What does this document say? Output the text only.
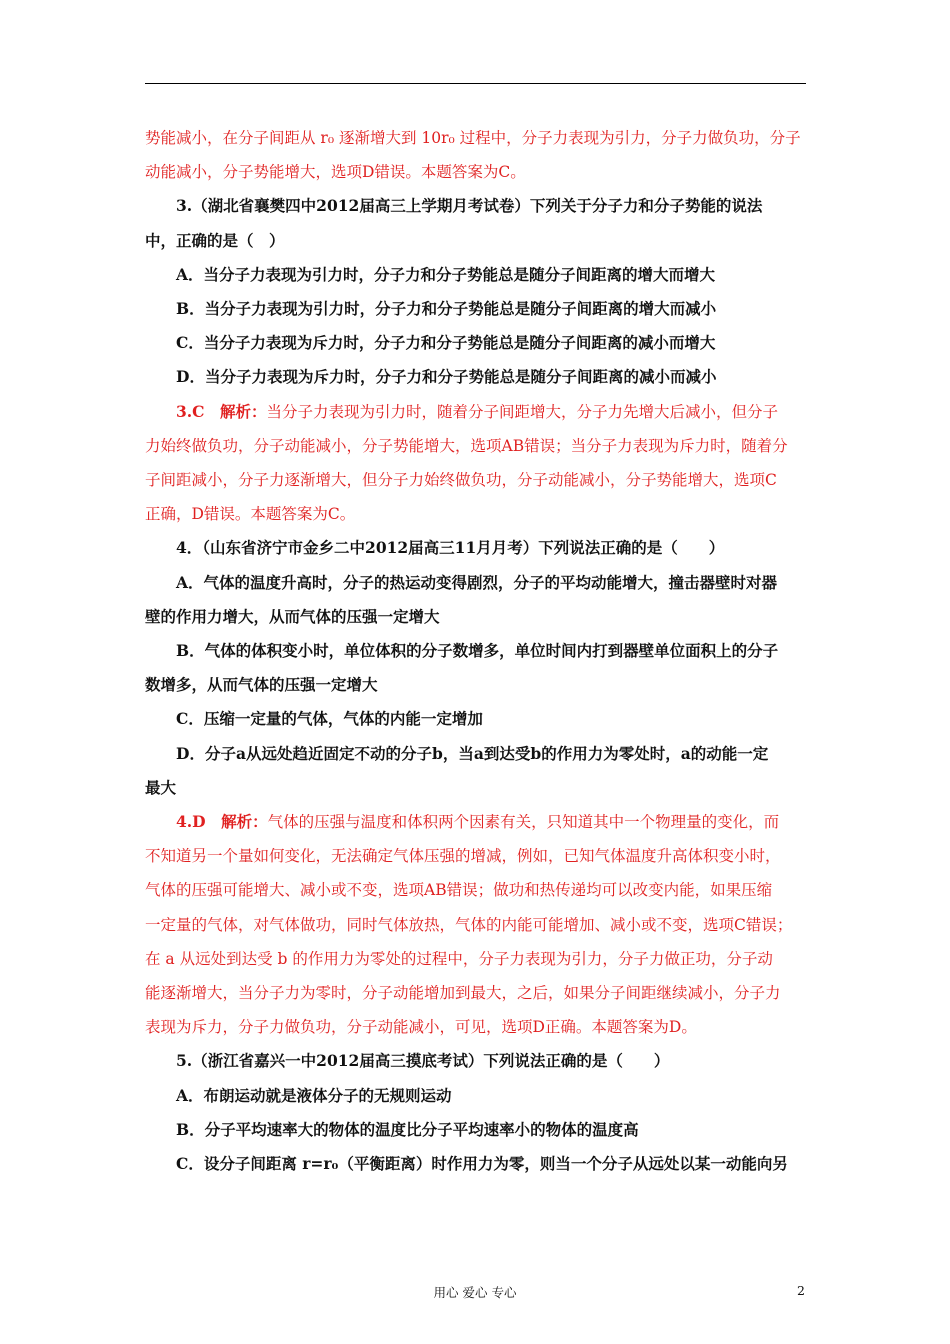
势能减小，在分子间距从 r₀ 逐渐增大到 10r₀ 过程中，分子力表现为引力，分子力做负功，分子
动能减小，分子势能增大，选项D错误。本题答案为C。
3.（湖北省襄樊四中2012届高三上学期月考试卷）下列关于分子力和分子势能的说法
中，正确的是（　）
A．当分子力表现为引力时，分子力和分子势能总是随分子间距离的增大而增大
B．当分子力表现为引力时，分子力和分子势能总是随分子间距离的增大而减小
C．当分子力表现为斥力时，分子力和分子势能总是随分子间距离的减小而增大
D．当分子力表现为斥力时，分子力和分子势能总是随分子间距离的减小而减小
3.C　解析：当分子力表现为引力时，随着分子间距增大，分子力先增大后减小，但分子
力始终做负功，分子动能减小，分子势能增大，选项AB错误；当分子力表现为斥力时，随着分
子间距减小，分子力逐渐增大，但分子力始终做负功，分子动能减小，分子势能增大，选项C
正确，D错误。本题答案为C。
4．（山东省济宁市金乡二中2012届高三11月月考）下列说法正确的是（　　）
A．气体的温度升高时，分子的热运动变得剧烈，分子的平均动能增大，撞击器壁时对器
壁的作用力增大，从而气体的压强一定增大
B．气体的体积变小时，单位体积的分子数增多，单位时间内打到器壁单位面积上的分子
数增多，从而气体的压强一定增大
C．压缩一定量的气体，气体的内能一定增加
D．分子a从远处趋近固定不动的分子b，当a到达受b的作用力为零处时，a的动能一定
最大
4.D　解析：气体的压强与温度和体积两个因素有关，只知道其中一个物理量的变化，而
不知道另一个量如何变化，无法确定气体压强的增减，例如，已知气体温度升高体积变小时，
气体的压强可能增大、减小或不变，选项AB错误；做功和热传递均可以改变内能，如果压缩
一定量的气体，对气体做功，同时气体放热，气体的内能可能增加、减小或不变，选项C错误；
在 a 从远处到达受 b 的作用力为零处的过程中，分子力表现为引力，分子力做正功，分子动
能逐渐增大，当分子力为零时，分子动能增加到最大，之后，如果分子间距继续减小，分子力
表现为斥力，分子力做负功，分子动能减小，可见，选项D正确。本题答案为D。
5.（浙江省嘉兴一中2012届高三摸底考试）下列说法正确的是（　　）
A．布朗运动就是液体分子的无规则运动
B．分子平均速率大的物体的温度比分子平均速率小的物体的温度高
C．设分子间距离 r=r₀（平衡距离）时作用力为零，则当一个分子从远处以某一动能向另
用心 爱心 专心	2
